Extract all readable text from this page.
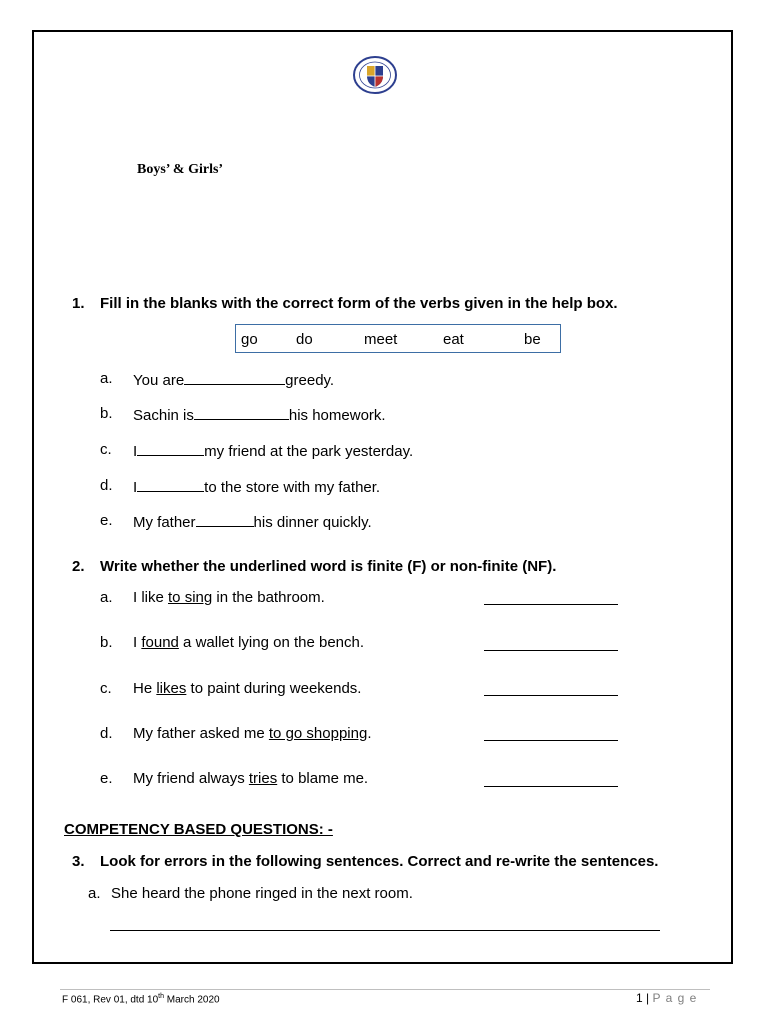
Boys’ & Girls’
1. Fill in the blanks with the correct form of the verbs given in the help box.
go	do	meet	eat	be
a. You are	greedy.
b. Sachin is	his homework.
c. I	my friend at the park yesterday.
d. I	to the store with my father.
e. My father	his dinner quickly.
2. Write whether the underlined word is finite (F) or non-finite (NF).
a. I like to sing in the bathroom.
b. I found a wallet lying on the bench.
c. He likes to paint during weekends.
d. My father asked me to go shopping.
e. My friend always tries to blame me.
COMPETENCY BASED QUESTIONS: -
3. Look for errors in the following sentences. Correct and re-write the sentences.
a. She heard the phone ringed in the next room.
F 061, Rev 01, dtd 10th March 2020	1 | P a g e
